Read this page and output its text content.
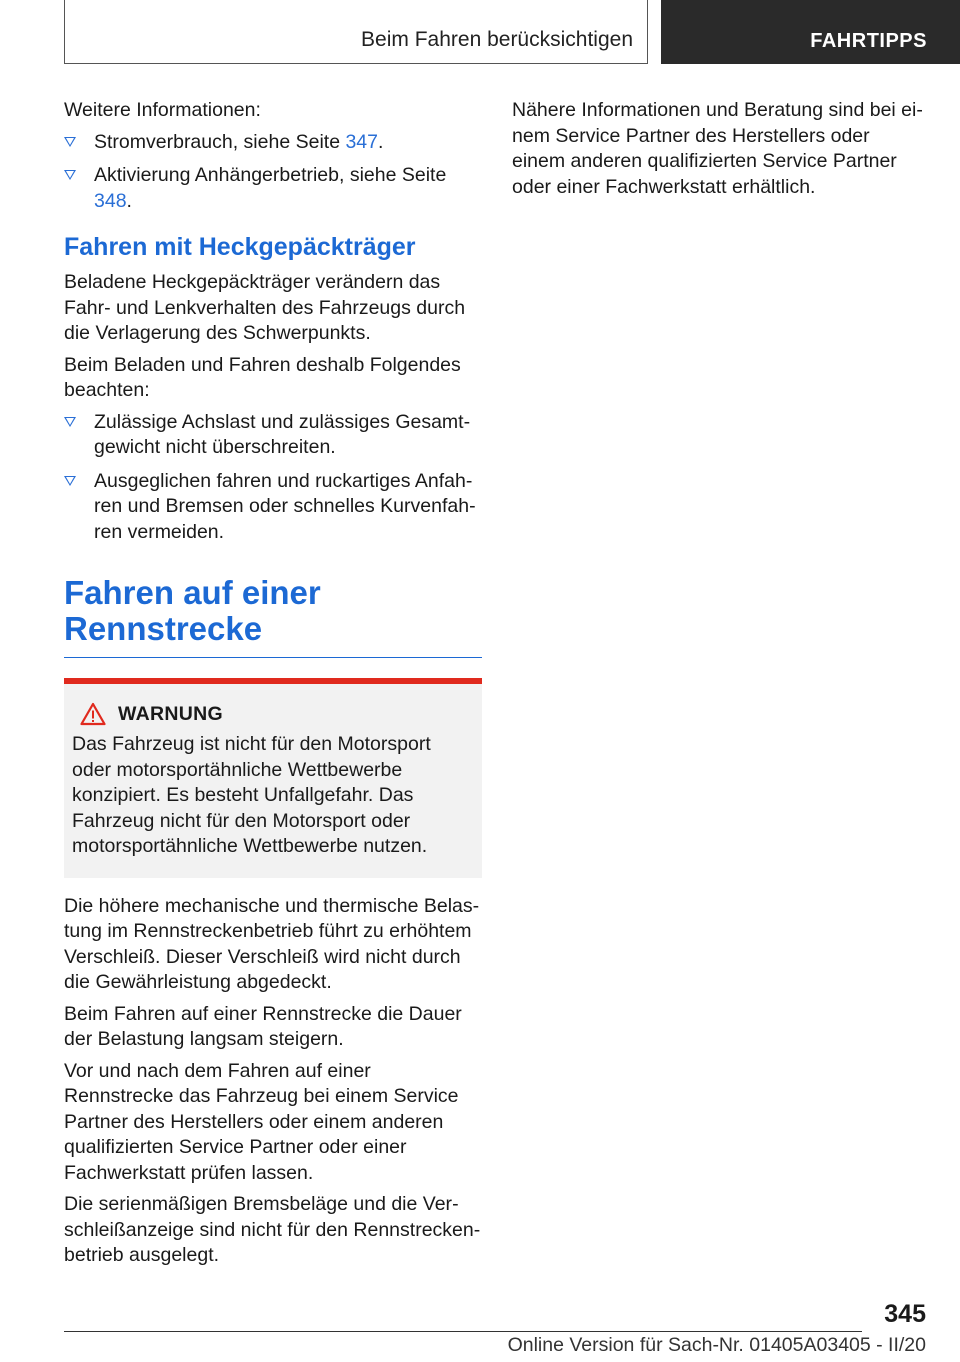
Beim Fahren berücksichtigen	FAHRTIPPS

Weitere Informationen:

Stromverbrauch, siehe Seite 347.
Aktivierung Anhängerbetrieb, siehe Seite 348.
Fahren mit Heckgepäckträger

Beladene Heckgepäckträger verändern das Fahr- und Lenkverhalten des Fahrzeugs durch die Verlagerung des Schwerpunkts.

Beim Beladen und Fahren deshalb Folgendes beachten:

Zulässige Achslast und zulässiges Gesamtgewicht nicht überschreiten.
Ausgeglichen fahren und ruckartiges Anfahren und Bremsen oder schnelles Kurvenfahren vermeiden.
Fahren auf einer
Rennstrecke
WARNUNG

Das Fahrzeug ist nicht für den Motorsport oder motorsportähnliche Wettbewerbe konzipiert. Es besteht Unfallgefahr. Das Fahrzeug nicht für den Motorsport oder motorsportähnliche Wettbewerbe nutzen.

Die höhere mechanische und thermische Belastung im Rennstreckenbetrieb führt zu erhöhtem Verschleiß. Dieser Verschleiß wird nicht durch die Gewährleistung abgedeckt.

Beim Fahren auf einer Rennstrecke die Dauer der Belastung langsam steigern.

Vor und nach dem Fahren auf einer Rennstrecke das Fahrzeug bei einem Service Partner des Herstellers oder einem anderen qualifizierten Service Partner oder einer Fachwerkstatt prüfen lassen.

Die serienmäßigen Bremsbeläge und die Verschleißanzeige sind nicht für den Rennstreckenbetrieb ausgelegt.

Nähere Informationen und Beratung sind bei einem Service Partner des Herstellers oder einem anderen qualifizierten Service Partner oder einer Fachwerkstatt erhältlich.

345
Online Version für Sach-Nr. 01405A03405 - II/20
